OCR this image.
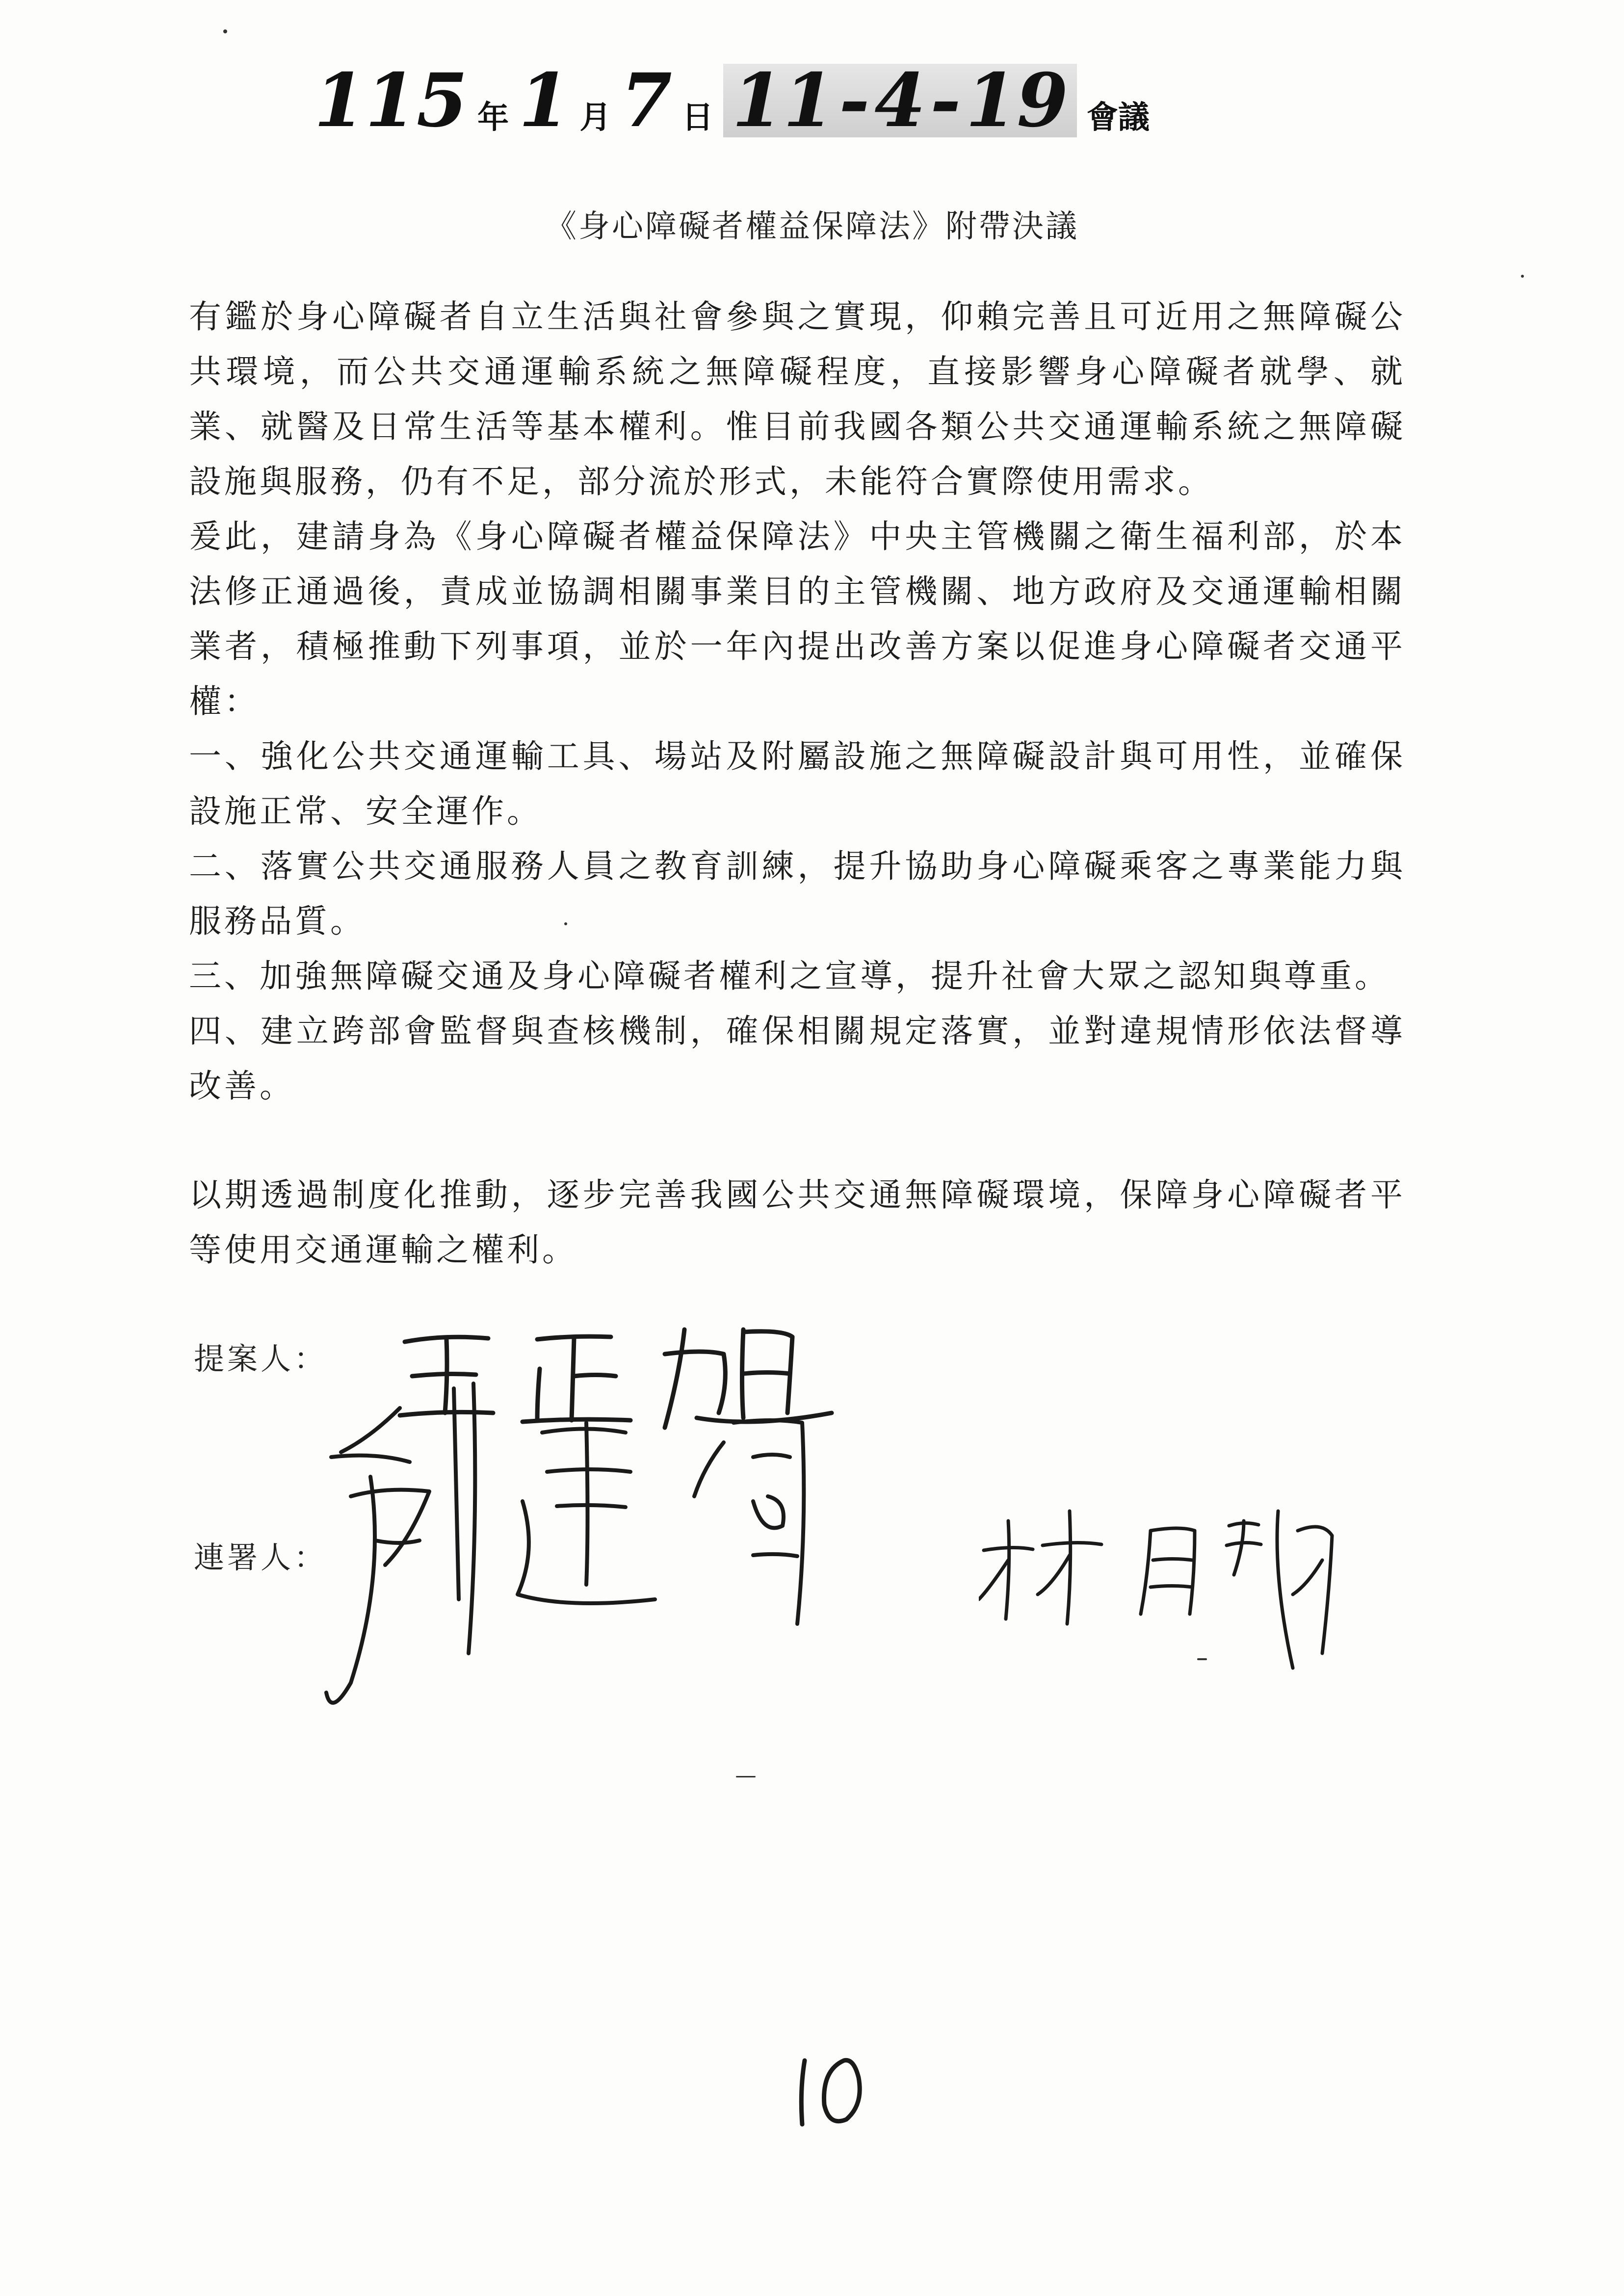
115 年 1 月 7 日 11 - 4 - 19 會議
《身心障礙者權益保障法》附帶決議

有鑑於身心障礙者自立生活與社會參與之實現，仰賴完善且可近用之無障礙公共環境，而公共交通運輸系統之無障礙程度，直接影響身心障礙者就學、就業、就醫及日常生活等基本權利。惟目前我國各類公共交通運輸系統之無障礙設施與服務，仍有不足，部分流於形式，未能符合實際使用需求。

爰此，建請身為《身心障礙者權益保障法》中央主管機關之衛生福利部，於本法修正通過後，責成並協調相關事業目的主管機關、地方政府及交通運輸相關業者，積極推動下列事項，並於一年內提出改善方案以促進身心障礙者交通平權：

一、強化公共交通運輸工具、場站及附屬設施之無障礙設計與可用性，並確保設施正常、安全運作。

二、落實公共交通服務人員之教育訓練，提升協助身心障礙乘客之專業能力與服務品質。

三、加強無障礙交通及身心障礙者權利之宣導，提升社會大眾之認知與尊重。

四、建立跨部會監督與查核機制，確保相關規定落實，並對違規情形依法督導改善。

以期透過制度化推動，逐步完善我國公共交通無障礙環境，保障身心障礙者平等使用交通運輸之權利。

提案人：
連署人：
